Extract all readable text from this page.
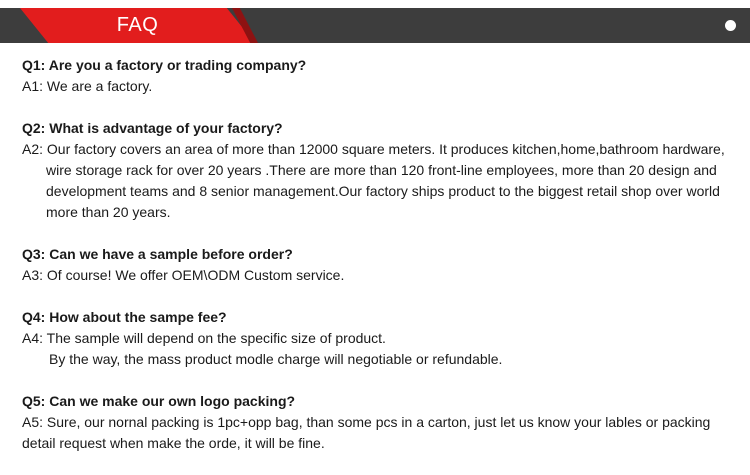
FAQ
Q1: Are you a factory or trading company?
A1: We are a factory.
Q2: What is advantage of your factory?
A2: Our factory covers an area of more than 12000 square meters. It produces kitchen,home,bathroom hardware,
wire storage rack for over 20 years .There are more than 120 front-line employees, more than 20 design and
development teams and 8 senior management.Our factory ships product to the biggest retail shop over world
more than 20 years.
Q3: Can we have a sample before order?
A3: Of course! We offer OEM\ODM Custom service.
Q4: How about the sampe fee?
A4: The sample will depend on the specific size of product.
By the way, the mass product modle charge will negotiable or refundable.
Q5: Can we make our own logo packing?
A5: Sure, our nornal packing is 1pc+opp bag, than some pcs in a carton, just let us know your lables or packing
detail request when make the orde, it will be fine.
